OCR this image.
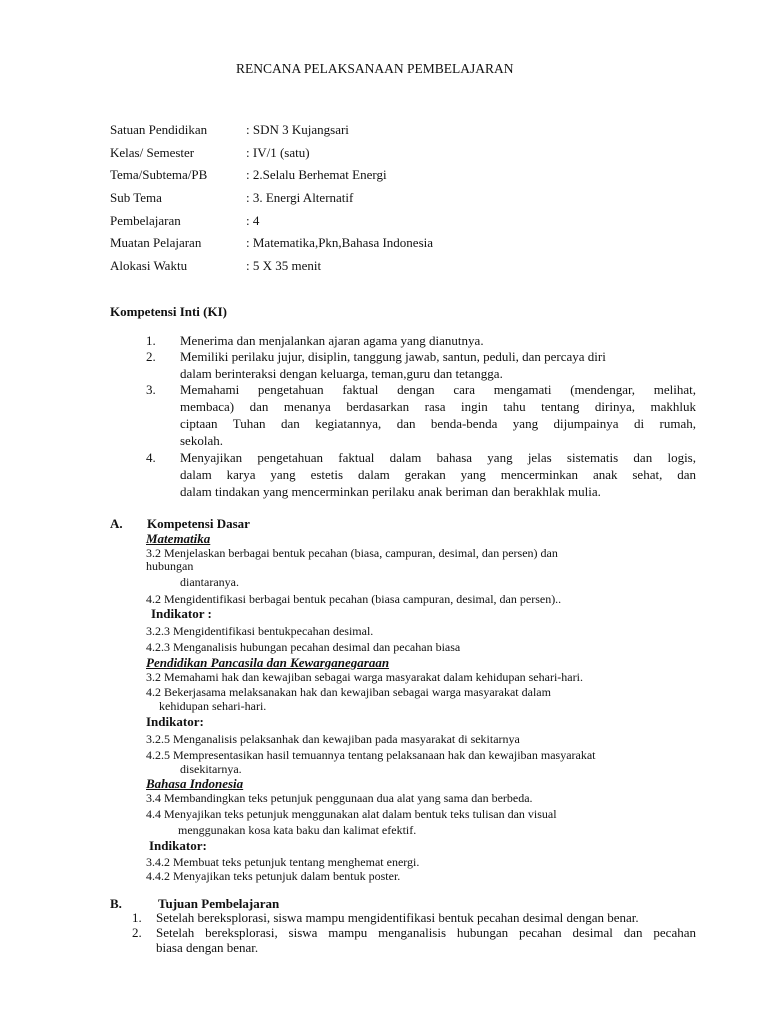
RENCANA PELAKSANAAN PEMBELAJARAN
Satuan Pendidikan	: SDN 3 Kujangsari
Kelas/ Semester	: IV/1 (satu)
Tema/Subtema/PB	: 2.Selalu Berhemat Energi
Sub Tema	: 3. Energi Alternatif
Pembelajaran	: 4
Muatan Pelajaran	: Matematika,Pkn,Bahasa Indonesia
Alokasi Waktu	: 5 X 35 menit
Kompetensi Inti (KI)
1. Menerima dan menjalankan ajaran agama yang dianutnya.
2. Memiliki perilaku jujur, disiplin, tanggung jawab, santun, peduli, dan percaya diri
dalam berinteraksi dengan keluarga, teman,guru dan tetangga.
3. Memahami pengetahuan faktual dengan cara mengamati (mendengar, melihat,
membaca) dan menanya berdasarkan rasa ingin tahu tentang dirinya, makhluk
ciptaan Tuhan dan kegiatannya, dan benda-benda yang dijumpainya di rumah,
sekolah.
4. Menyajikan pengetahuan faktual dalam bahasa yang jelas sistematis dan logis,
dalam karya yang estetis dalam gerakan yang mencerminkan anak sehat, dan
dalam tindakan yang mencerminkan perilaku anak beriman dan berakhlak mulia.
A. Kompetensi Dasar
Matematika
3.2 Menjelaskan berbagai bentuk pecahan (biasa, campuran, desimal, dan persen) dan
hubungan
diantaranya.
4.2 Mengidentifikasi berbagai bentuk pecahan (biasa campuran, desimal, dan persen)..
Indikator :
3.2.3 Mengidentifikasi bentukpecahan desimal.
4.2.3 Menganalisis hubungan pecahan desimal dan pecahan biasa
Pendidikan Pancasila dan Kewarganegaraan
3.2 Memahami hak dan kewajiban sebagai warga masyarakat dalam kehidupan sehari-hari.
4.2 Bekerjasama melaksanakan hak dan kewajiban sebagai warga masyarakat dalam
kehidupan sehari-hari.
Indikator:
3.2.5 Menganalisis pelaksanhak dan kewajiban pada masyarakat di sekitarnya
4.2.5 Mempresentasikan hasil temuannya tentang pelaksanaan hak dan kewajiban masyarakat
disekitarnya.
Bahasa Indonesia
3.4 Membandingkan teks petunjuk penggunaan dua alat yang sama dan berbeda.
4.4 Menyajikan teks petunjuk menggunakan alat dalam bentuk teks tulisan dan visual
menggunakan kosa kata baku dan kalimat efektif.
Indikator:
3.4.2 Membuat teks petunjuk tentang menghemat energi.
4.4.2 Menyajikan teks petunjuk dalam bentuk poster.
B.	Tujuan Pembelajaran
1. Setelah bereksplorasi, siswa mampu mengidentifikasi bentuk pecahan desimal dengan benar.
2. Setelah bereksplorasi, siswa mampu menganalisis hubungan pecahan desimal dan pecahan
biasa dengan benar.
